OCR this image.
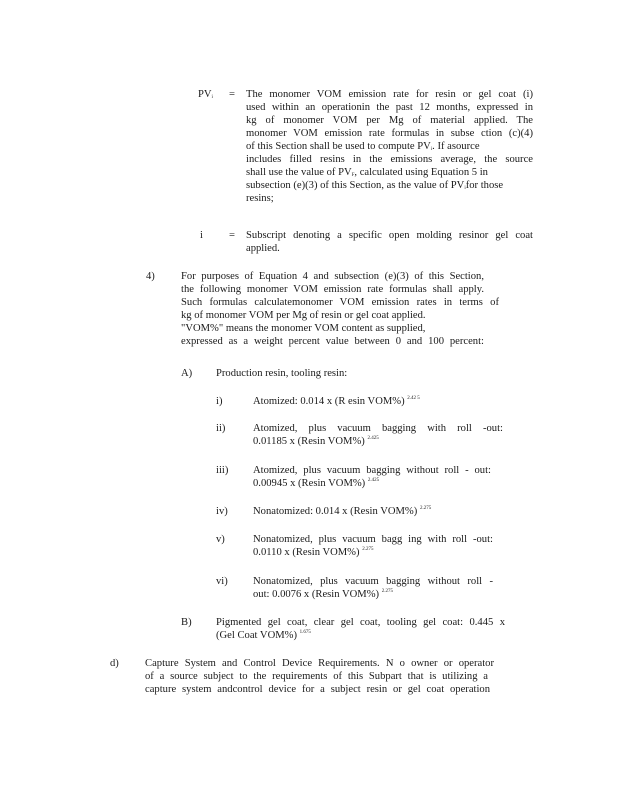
$PV_i$ = The monomer VOM emission rate for resin or gel coat (i)
used within an operationin the past 12 months, expressed in
kg of monomer VOM per Mg of material applied. The
monomer VOM emission rate formulas in subse ction (c)(4)
of this Section shall be used to compute $PV_i$. If asource
includes filled resins in the emissions average, the source
shall use the value of $PV_F$, calculated using Equation 5 in
subsection (e)(3) of this Section, as the value of $PV_ifor$ those
resins;
i = Subscript denoting a specific open molding resinor gel coat
applied.
4) For purposes of Equation 4 and subsection (e)(3) of this Section,
the following monomer VOM emission rate formulas shall apply.
Such formulas calculatemonomer VOM emission rates in terms of
kg of monomer VOM per Mg of resin or gel coat applied.
"VOM%" means the monomer VOM content as supplied,
expressed as a weight percent value between 0 and 100 percent:
A) Production resin, tooling resin:
i)	Atomized: 0.014 x (R esin VOM%) $^{2.42 5}$
ii)	Atomized, plus vacuum bagging with roll -out:
0.01185 x (Resin VOM%) $^{2.425}$
iii) Atomized, plus vacuum bagging without roll - out:
0.00945 x (Resin VOM%) $^{2.425}$
iv) Nonatomized: 0.014 x (Resin VOM%) $^{2.275}$
v)	Nonatomized, plus vacuum bagg ing with roll -out:
0.0110 x (Resin VOM%) $^{2.275}$
vi) Nonatomized, plus vacuum bagging without roll -
out: 0.0076 x (Resin VOM%) $^{2.275}$
B) Pigmented gel coat, clear gel coat, tooling gel coat: 0.445 x
(Gel Coat VOM%) $^{1.675}$
d) Capture System and Control Device Requirements. N o owner or operator
of a source subject to the requirements of this Subpart that is utilizing a
capture system andcontrol device for a subject resin or gel coat operation
